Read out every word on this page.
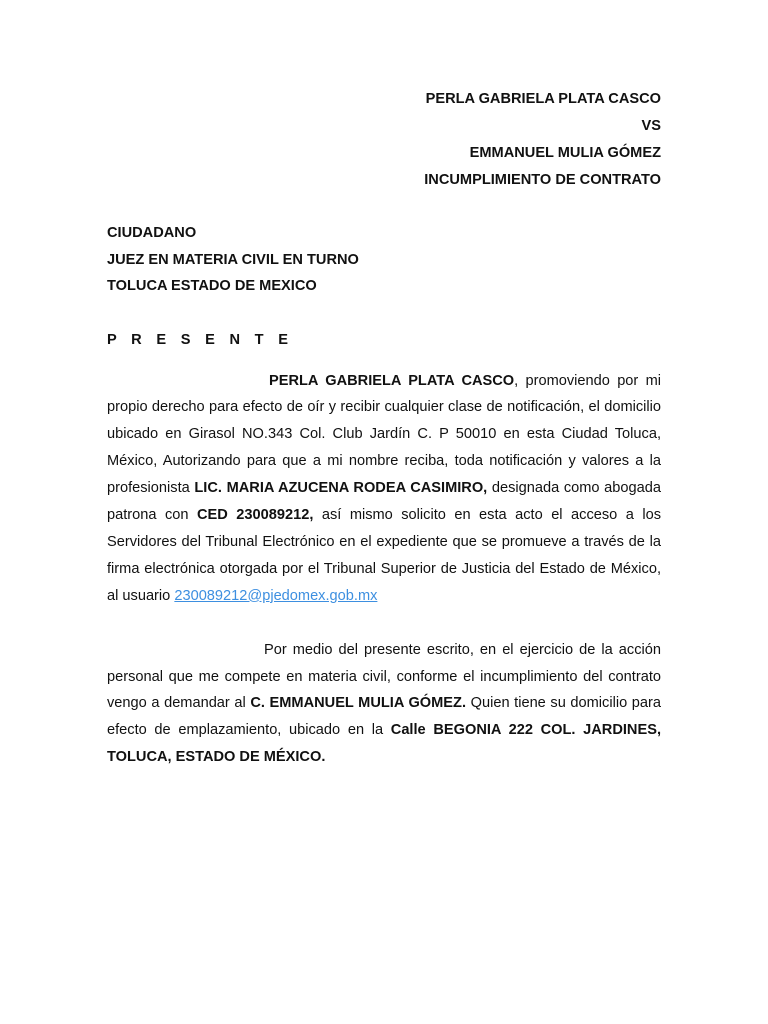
PERLA GABRIELA PLATA CASCO
VS
EMMANUEL MULIA GÓMEZ
INCUMPLIMIENTO DE CONTRATO
CIUDADANO
JUEZ EN MATERIA CIVIL EN TURNO
TOLUCA ESTADO DE MEXICO
P R E S E N T E

PERLA GABRIELA PLATA CASCO, promoviendo por mi propio derecho para efecto de oír y recibir cualquier clase de notificación, el domicilio ubicado en Girasol NO.343 Col. Club Jardín C. P 50010 en esta Ciudad Toluca, México, Autorizando para que a mi nombre reciba, toda notificación y valores a la profesionista LIC. MARIA AZUCENA RODEA CASIMIRO, designada como abogada patrona con CED 230089212, así mismo solicito en esta acto el acceso a los Servidores del Tribunal Electrónico en el expediente que se promueve a través de la firma electrónica otorgada por el Tribunal Superior de Justicia del Estado de México, al usuario 230089212@pjedomex.gob.mx

Por medio del presente escrito, en el ejercicio de la acción personal que me compete en materia civil, conforme el incumplimiento del contrato vengo a demandar al C. EMMANUEL MULIA GÓMEZ. Quien tiene su domicilio para efecto de emplazamiento, ubicado en la Calle BEGONIA 222 COL. JARDINES, TOLUCA, ESTADO DE MÉXICO.
